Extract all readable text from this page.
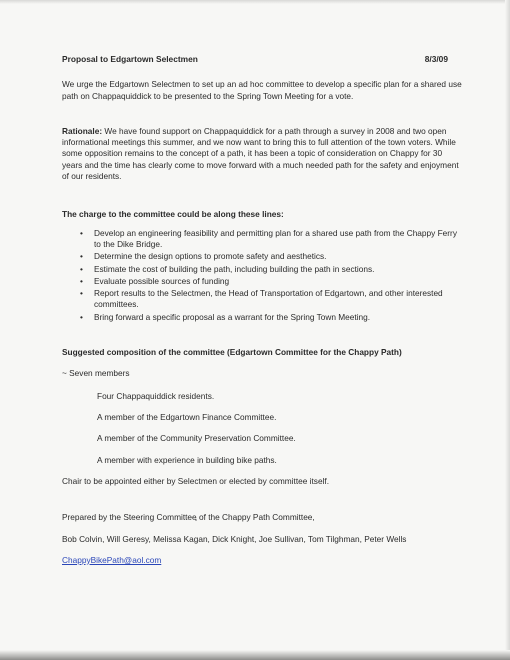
Proposal to Edgartown Selectmen	8/3/09

We urge the Edgartown Selectmen to set up an ad hoc committee to develop a specific plan for a shared use path on Chappaquiddick to be presented to the Spring Town Meeting for a vote.

Rationale: We have found support on Chappaquiddick for a path through a survey in 2008 and two open informational meetings this summer, and we now want to bring this to full attention of the town voters. While some opposition remains to the concept of a path, it has been a topic of consideration on Chappy for 30 years and the time has clearly come to move forward with a much needed path for the safety and enjoyment of our residents.

The charge to the committee could be along these lines:

• Develop an engineering feasibility and permitting plan for a shared use path from the Chappy Ferry to the Dike Bridge.
• Determine the design options to promote safety and aesthetics.
• Estimate the cost of building the path, including building the path in sections.
• Evaluate possible sources of funding
• Report results to the Selectmen, the Head of Transportation of Edgartown, and other interested committees.
• Bring forward a specific proposal as a warrant for the Spring Town Meeting.

Suggested composition of the committee (Edgartown Committee for the Chappy Path)

~ Seven members

Four Chappaquiddick residents.

A member of the Edgartown Finance Committee.

A member of the Community Preservation Committee.

A member with experience in building bike paths.

Chair to be appointed either by Selectmen or elected by committee itself.

Prepared by the Steering Committee of the Chappy Path Committee,

Bob Colvin, Will Geresy, Melissa Kagan, Dick Knight, Joe Sullivan, Tom Tilghman, Peter Wells

ChappyBikePath@aol.com
